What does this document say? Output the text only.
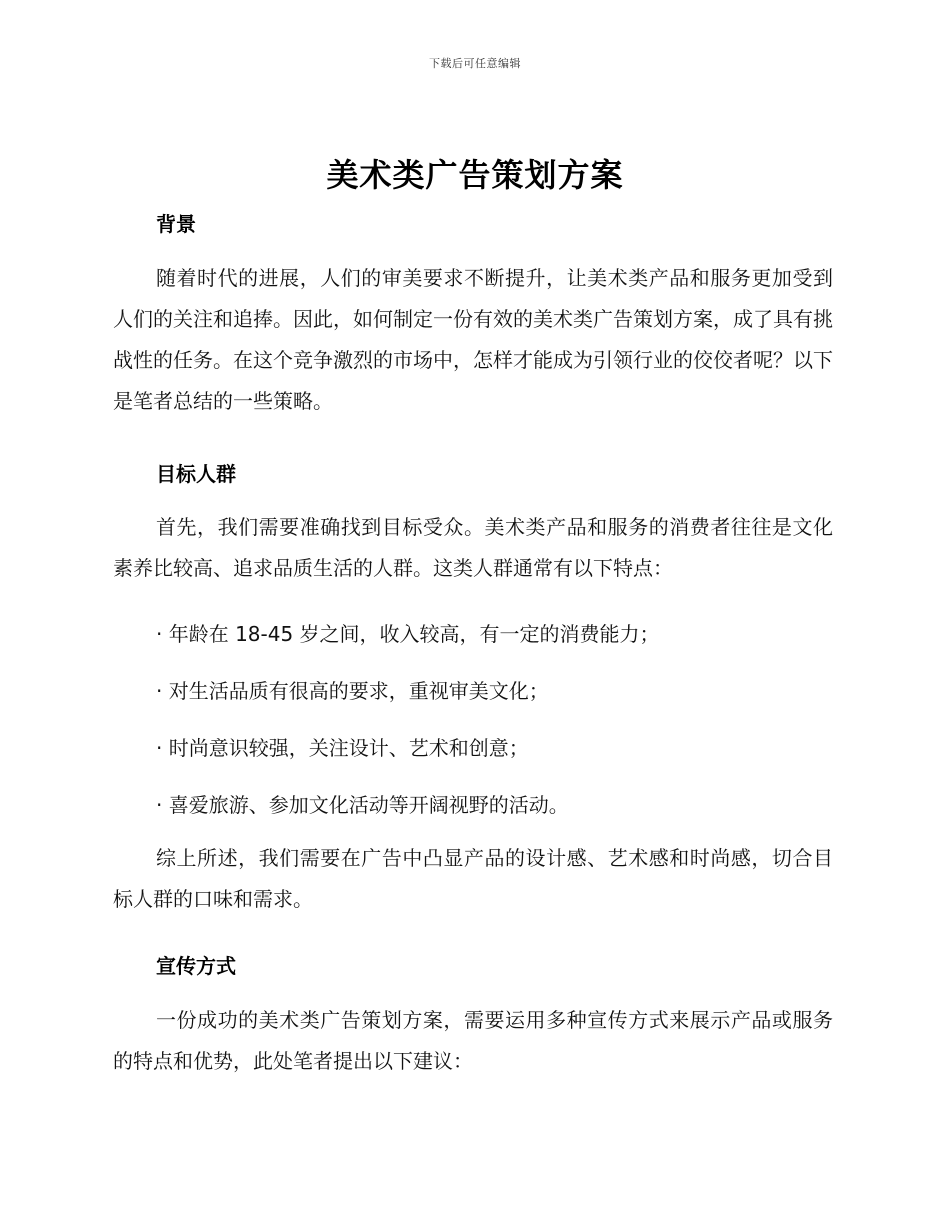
下载后可任意编辑
美术类广告策划方案
背景
随着时代的进展，人们的审美要求不断提升，让美术类产品和服务更加受到人们的关注和追捧。因此，如何制定一份有效的美术类广告策划方案，成了具有挑战性的任务。在这个竞争激烈的市场中，怎样才能成为引领行业的佼佼者呢？以下是笔者总结的一些策略。
目标人群
首先，我们需要准确找到目标受众。美术类产品和服务的消费者往往是文化素养比较高、追求品质生活的人群。这类人群通常有以下特点：
· 年龄在 18-45 岁之间，收入较高，有一定的消费能力；
· 对生活品质有很高的要求，重视审美文化；
· 时尚意识较强，关注设计、艺术和创意；
· 喜爱旅游、参加文化活动等开阔视野的活动。
综上所述，我们需要在广告中凸显产品的设计感、艺术感和时尚感，切合目标人群的口味和需求。
宣传方式
一份成功的美术类广告策划方案，需要运用多种宣传方式来展示产品或服务的特点和优势，此处笔者提出以下建议：
